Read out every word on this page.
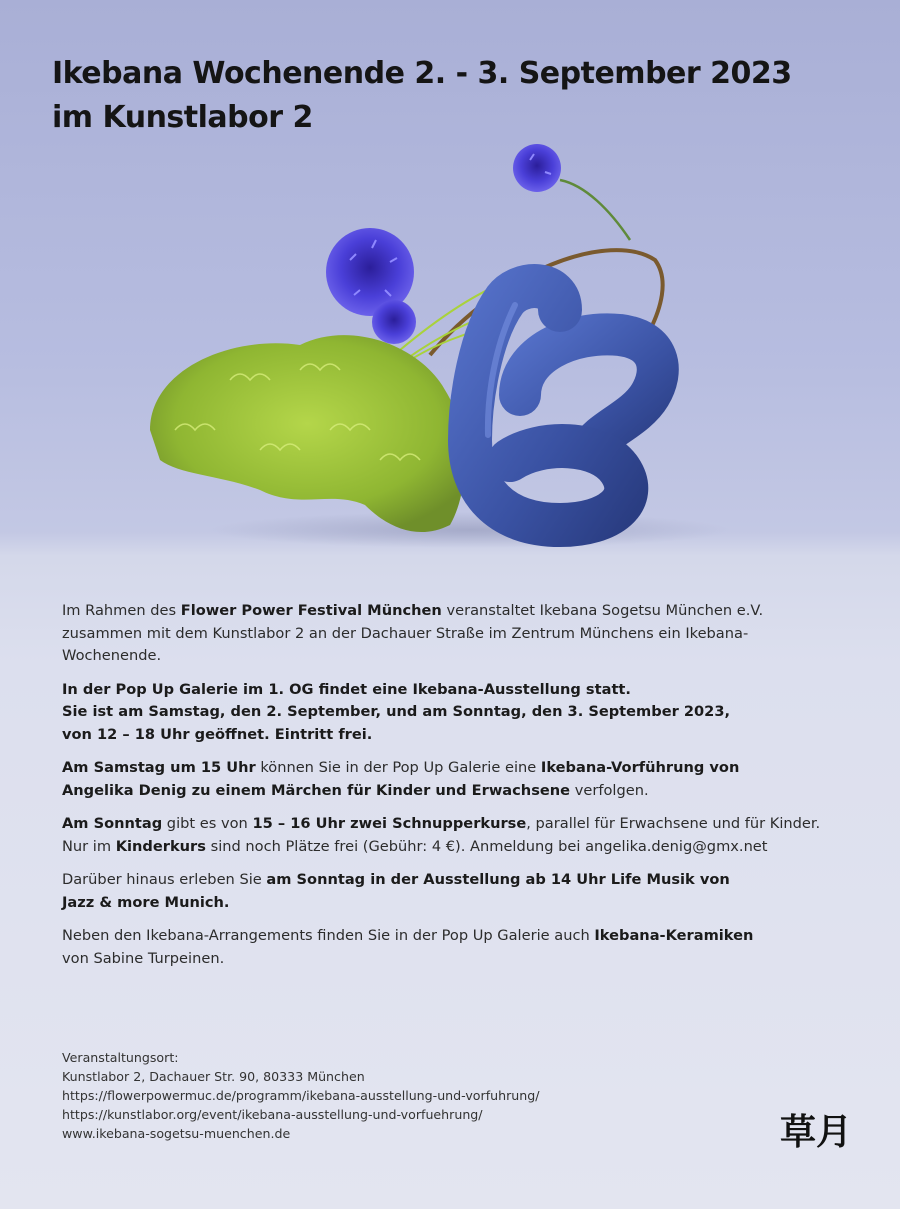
Ikebana Wochenende 2. - 3. September 2023
im Kunstlabor 2

Im Rahmen des Flower Power Festival München veranstaltet Ikebana Sogetsu München e.V.
zusammen mit dem Kunstlabor 2 an der Dachauer Straße im Zentrum Münchens ein Ikebana-
Wochenende.

In der Pop Up Galerie im 1. OG findet eine Ikebana-Ausstellung statt.
Sie ist am Samstag, den 2. September, und am Sonntag, den 3. September 2023,
von 12 – 18 Uhr geöffnet. Eintritt frei.

Am Samstag um 15 Uhr können Sie in der Pop Up Galerie eine Ikebana-Vorführung von
Angelika Denig zu einem Märchen für Kinder und Erwachsene verfolgen.

Am Sonntag gibt es von 15 – 16 Uhr zwei Schnupperkurse, parallel für Erwachsene und für Kinder.
Nur im Kinderkurs sind noch Plätze frei (Gebühr: 4 €). Anmeldung bei angelika.denig@gmx.net

Darüber hinaus erleben Sie am Sonntag in der Ausstellung ab 14 Uhr Life Musik von
Jazz & more Munich.

Neben den Ikebana-Arrangements finden Sie in der Pop Up Galerie auch Ikebana-Keramiken
von Sabine Turpeinen.

Veranstaltungsort:
Kunstlabor 2, Dachauer Str. 90, 80333 München
https://flowerpowermuc.de/programm/ikebana-ausstellung-und-vorfuhrung/
https://kunstlabor.org/event/ikebana-ausstellung-und-vorfuehrung/
www.ikebana-sogetsu-muenchen.de	草月
